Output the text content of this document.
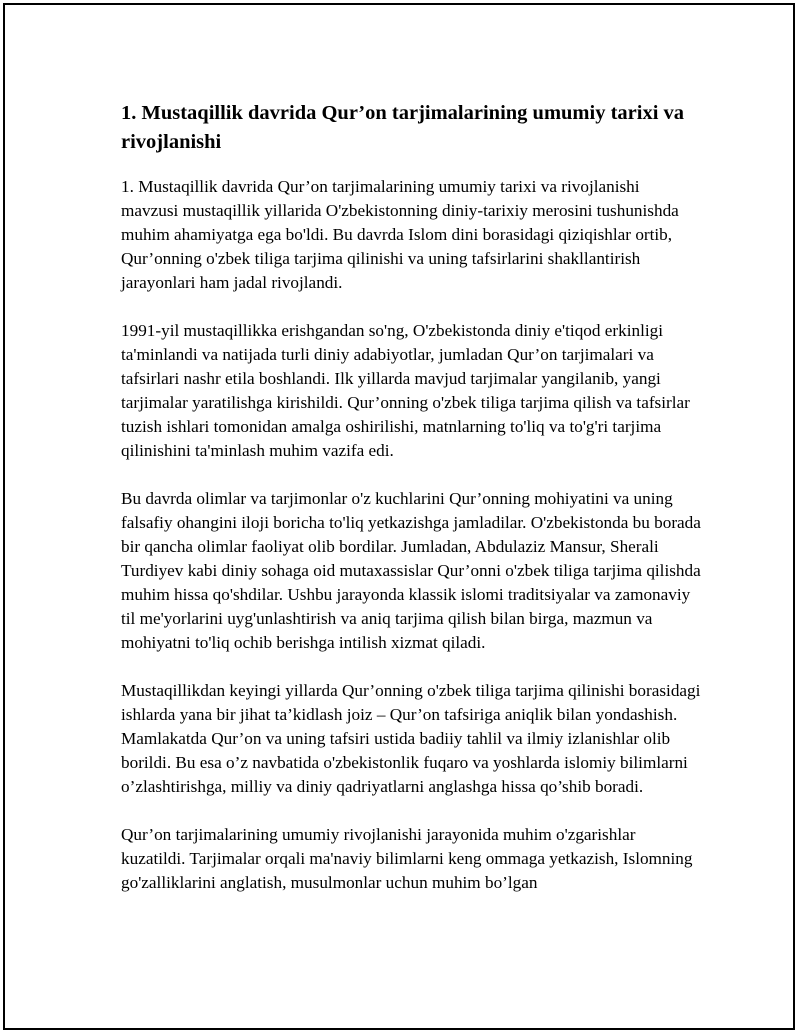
1. Mustaqillik davrida Qur’on tarjimalarining umumiy tarixi va rivojlanishi

1. Mustaqillik davrida Qur’on tarjimalarining umumiy tarixi va rivojlanishi mavzusi mustaqillik yillarida O'zbekistonning diniy-tarixiy merosini tushunishda muhim ahamiyatga ega bo'ldi. Bu davrda Islom dini borasidagi qiziqishlar ortib, Qur’onning o'zbek tiliga tarjima qilinishi va uning tafsirlarini shakllantirish jarayonlari ham jadal rivojlandi.

1991-yil mustaqillikka erishgandan so'ng, O'zbekistonda diniy e'tiqod erkinligi ta'minlandi va natijada turli diniy adabiyotlar, jumladan Qur’on tarjimalari va tafsirlari nashr etila boshlandi. Ilk yillarda mavjud tarjimalar yangilanib, yangi tarjimalar yaratilishga kirishildi. Qur’onning o'zbek tiliga tarjima qilish va tafsirlar tuzish ishlari tomonidan amalga oshirilishi, matnlarning to'liq va to'g'ri tarjima qilinishini ta'minlash muhim vazifa edi.

Bu davrda olimlar va tarjimonlar o'z kuchlarini Qur’onning mohiyatini va uning falsafiy ohangini iloji boricha to'liq yetkazishga jamladilar. O'zbekistonda bu borada bir qancha olimlar faoliyat olib bordilar. Jumladan, Abdulaziz Mansur, Sherali Turdiyev kabi diniy sohaga oid mutaxassislar Qur’onni o'zbek tiliga tarjima qilishda muhim hissa qo'shdilar. Ushbu jarayonda klassik islomi traditsiyalar va zamonaviy til me'yorlarini uyg'unlashtirish va aniq tarjima qilish bilan birga, mazmun va mohiyatni to'liq ochib berishga intilish xizmat qiladi.

Mustaqillikdan keyingi yillarda Qur’onning o'zbek tiliga tarjima qilinishi borasidagi ishlarda yana bir jihat ta’kidlash joiz – Qur’on tafsiriga aniqlik bilan yondashish. Mamlakatda Qur’on va uning tafsiri ustida badiiy tahlil va ilmiy izlanishlar olib borildi. Bu esa o’z navbatida o'zbekistonlik fuqaro va yoshlarda islomiy bilimlarni o’zlashtirishga, milliy va diniy qadriyatlarni anglashga hissa qo’shib boradi.

Qur’on tarjimalarining umumiy rivojlanishi jarayonida muhim o'zgarishlar kuzatildi. Tarjimalar orqali ma'naviy bilimlarni keng ommaga yetkazish, Islomning go'zalliklarini anglatish, musulmonlar uchun muhim bo’lgan
